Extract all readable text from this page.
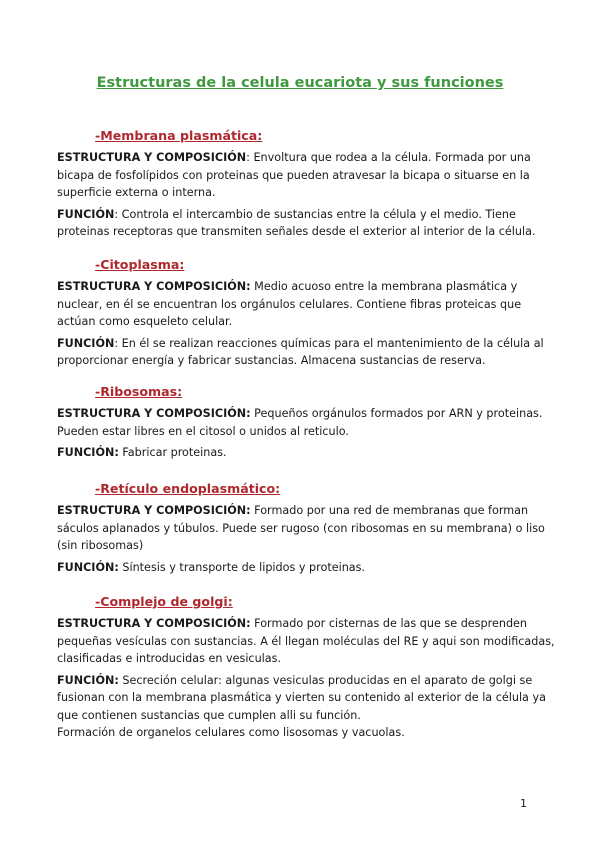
Estructuras de la celula eucariota y sus funciones
-Membrana plasmática:

ESTRUCTURA Y COMPOSICIÓN: Envoltura que rodea a la célula. Formada por una bicapa de fosfolípidos con proteinas que pueden atravesar la bicapa o situarse en la superficie externa o interna.

FUNCIÓN: Controla el intercambio de sustancias entre la célula y el medio. Tiene proteinas receptoras que transmiten señales desde el exterior al interior de la célula.

-Citoplasma:

ESTRUCTURA Y COMPOSICIÓN: Medio acuoso entre la membrana plasmática y nuclear, en él se encuentran los orgánulos celulares. Contiene fibras proteicas que actúan como esqueleto celular.

FUNCIÓN: En él se realizan reacciones químicas para el mantenimiento de la célula al proporcionar energía y fabricar sustancias. Almacena sustancias de reserva.

-Ribosomas:

ESTRUCTURA Y COMPOSICIÓN: Pequeños orgánulos formados por ARN y proteinas. Pueden estar libres en el citosol o unidos al reticulo.

FUNCIÓN: Fabricar proteinas.

-Retículo endoplasmático:

ESTRUCTURA Y COMPOSICIÓN: Formado por una red de membranas que forman sáculos aplanados y túbulos. Puede ser rugoso (con ribosomas en su membrana) o liso (sin ribosomas)

FUNCIÓN: Síntesis y transporte de lipidos y proteinas.

-Complejo de golgi:

ESTRUCTURA Y COMPOSICIÓN: Formado por cisternas de las que se desprenden pequeñas vesículas con sustancias. A él llegan moléculas del RE y aqui son modificadas, clasificadas e introducidas en vesiculas.

FUNCIÓN: Secreción celular: algunas vesiculas producidas en el aparato de golgi se fusionan con la membrana plasmática y vierten su contenido al exterior de la célula ya que contienen sustancias que cumplen alli su función.

Formación de organelos celulares como lisosomas y vacuolas.

1
